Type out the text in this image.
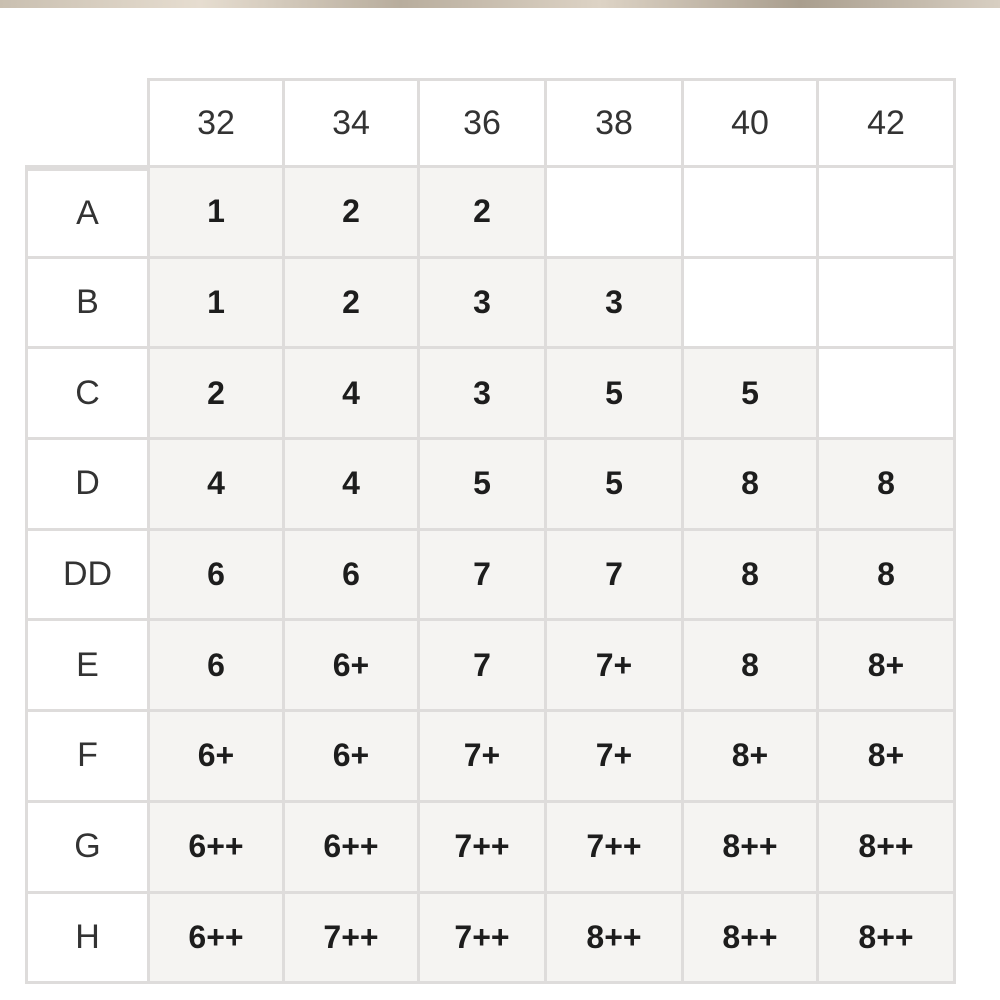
32	34	36	38	40	42
A	1	2	2
B	1	2	3	3
C	2	4	3	5	5
D	4	4	5	5	8	8
DD	6	6	7	7	8	8
E	6	6+	7	7+	8	8+
F	6+	6+	7+	7+	8+	8+
G	6++	6++	7++	7++	8++	8++
H	6++	7++	7++	8++	8++	8++
